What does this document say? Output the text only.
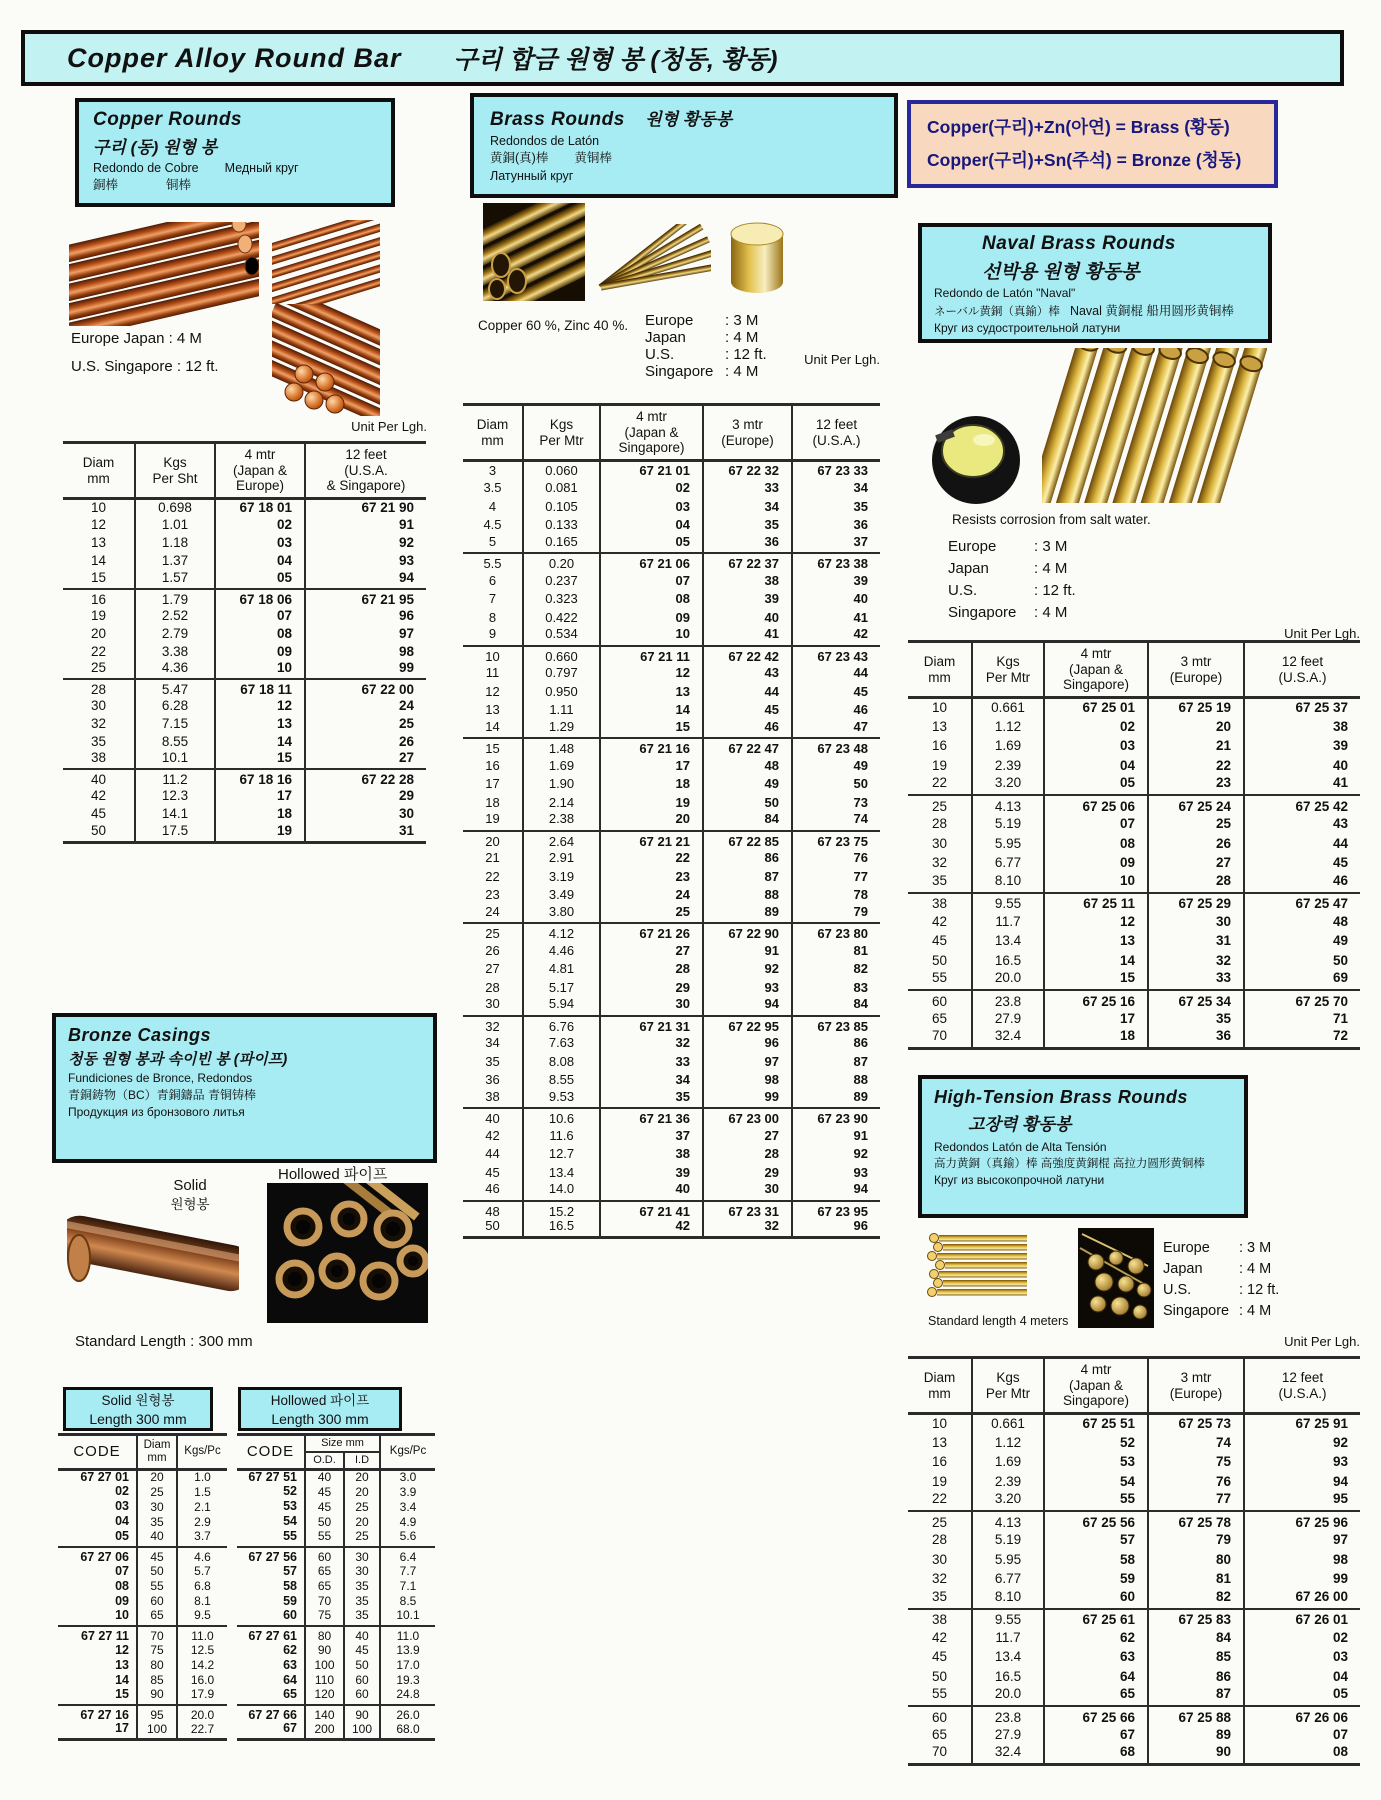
Copper Alloy Round Bar 구리 합금 원형 봉 (청동, 황동)
Copper Rounds
구리 (동) 원형 봉
Redondo de Cobre Медный круг
銅棒	铜棒
Europe Japan : 4 M
U.S. Singapore : 12 ft.
Unit Per Lgh.
Diam
mm	Kgs
Per Sht	4 mtr
(Japan &
Europe)	12 feet
(U.S.A.
& Singapore)
10	0.698	67 18 01	67 21 90
12	1.01	02	91
13	1.18	03	92
14	1.37	04	93
15	1.57	05	94
16	1.79	67 18 06	67 21 95
19	2.52	07	96
20	2.79	08	97
22	3.38	09	98
25	4.36	10	99
28	5.47	67 18 11	67 22 00
30	6.28	12	24
32	7.15	13	25
35	8.55	14	26
38	10.1	15	27
40	11.2	67 18 16	67 22 28
42	12.3	17	29
45	14.1	18	30
50	17.5	19	31
Bronze Casings
청동 원형 봉과 속이빈 봉 (파이프)
Fundiciones de Bronce, Redondos
青銅鋳物（BC）青銅鑄品 青铜铸棒
Продукция из бронзового литья
Hollowed 파이프
Solid
원형봉
Standard Length : 300 mm
Solid 원형봉
Length 300 mm
Hollowed 파이프
Length 300 mm
CODE	Diam
mm	Kgs/Pc
67 27 01	20	1.0
02	25	1.5
03	30	2.1
04	35	2.9
05	40	3.7
67 27 06	45	4.6
07	50	5.7
08	55	6.8
09	60	8.1
10	65	9.5
67 27 11	70	11.0
12	75	12.5
13	80	14.2
14	85	16.0
15	90	17.9
67 27 16	95	20.0
17	100	22.7
CODE	Size mm		Kgs/Pc
	O.D.	I.D	
67 27 51	40	20	3.0
52	45	20	3.9
53	45	25	3.4
54	50	20	4.9
55	55	25	5.6
67 27 56	60	30	6.4
57	65	30	7.7
58	65	35	7.1
59	70	35	8.5
60	75	35	10.1
67 27 61	80	40	11.0
62	90	45	13.9
63	100	50	17.0
64	110	60	19.3
65	120	60	24.8
67 27 66	140	90	26.0
67	200	100	68.0
Brass Rounds 원형 황동봉
Redondos de Latón
黄銅(真)棒 黄铜棒
Латунный круг
Copper 60 %, Zinc 40 %. Europe : 3 M
Japan	: 4 M
U.S.	: 12 ft.
Singapore : 4 M
Unit Per Lgh.
Diam
mm	Kgs
Per Mtr	4 mtr
(Japan &
Singapore)	3 mtr
(Europe)	12 feet
(U.S.A.)
3	0.060	67 21 01	67 22 32	67 23 33
3.5	0.081	02	33	34
4	0.105	03	34	35
4.5	0.133	04	35	36
5	0.165	05	36	37
5.5	0.20	67 21 06	67 22 37	67 23 38
6	0.237	07	38	39
7	0.323	08	39	40
8	0.422	09	40	41
9	0.534	10	41	42
10	0.660	67 21 11	67 22 42	67 23 43
11	0.797	12	43	44
12	0.950	13	44	45
13	1.11	14	45	46
14	1.29	15	46	47
15	1.48	67 21 16	67 22 47	67 23 48
16	1.69	17	48	49
17	1.90	18	49	50
18	2.14	19	50	73
19	2.38	20	84	74
20	2.64	67 21 21	67 22 85	67 23 75
21	2.91	22	86	76
22	3.19	23	87	77
23	3.49	24	88	78
24	3.80	25	89	79
25	4.12	67 21 26	67 22 90	67 23 80
26	4.46	27	91	81
27	4.81	28	92	82
28	5.17	29	93	83
30	5.94	30	94	84
32	6.76	67 21 31	67 22 95	67 23 85
34	7.63	32	96	86
35	8.08	33	97	87
36	8.55	34	98	88
38	9.53	35	99	89
40	10.6	67 21 36	67 23 00	67 23 90
42	11.6	37	27	91
44	12.7	38	28	92
45	13.4	39	29	93
46	14.0	40	30	94
48	15.2	67 21 41	67 23 31	67 23 95
50	16.5	42	32	96
Copper(구리)+Zn(아연) = Brass (황동)
Copper(구리)+Sn(주석) = Bronze (청동)
Naval Brass Rounds
선박용 원형 황동봉
Redondo de Latón "Naval"
ネーバル黄銅（真鍮）棒 Naval 黄銅棍 船用圆形黄铜棒
Круг из судостроительной латуни
Resists corrosion from salt water.
Europe	: 3 M
Japan	: 4 M
U.S.	: 12 ft.
Singapore : 4 M
Unit Per Lgh.
Diam
mm	Kgs
Per Mtr	4 mtr
(Japan &
Singapore)	3 mtr
(Europe)	12 feet
(U.S.A.)
10	0.661	67 25 01	67 25 19	67 25 37
13	1.12	02	20	38
16	1.69	03	21	39
19	2.39	04	22	40
22	3.20	05	23	41
25	4.13	67 25 06	67 25 24	67 25 42
28	5.19	07	25	43
30	5.95	08	26	44
32	6.77	09	27	45
35	8.10	10	28	46
38	9.55	67 25 11	67 25 29	67 25 47
42	11.7	12	30	48
45	13.4	13	31	49
50	16.5	14	32	50
55	20.0	15	33	69
60	23.8	67 25 16	67 25 34	67 25 70
65	27.9	17	35	71
70	32.4	18	36	72
High-Tension Brass Rounds
고장력 황동봉
Redondos Latón de Alta Tensión
高力黄銅（真鍮）棒 高強度黄銅棍 高拉力圆形黄铜棒
Круг из высокопрочной латуни
Standard length 4 meters
Europe : 3 M
Japan	: 4 M
U.S.	: 12 ft.
Singapore : 4 M
Unit Per Lgh.
Diam
mm	Kgs
Per Mtr	4 mtr
(Japan &
Singapore)	3 mtr
(Europe)	12 feet
(U.S.A.)
10	0.661	67 25 51	67 25 73	67 25 91
13	1.12	52	74	92
16	1.69	53	75	93
19	2.39	54	76	94
22	3.20	55	77	95
25	4.13	67 25 56	67 25 78	67 25 96
28	5.19	57	79	97
30	5.95	58	80	98
32	6.77	59	81	99
35	8.10	60	82	67 26 00
38	9.55	67 25 61	67 25 83	67 26 01
42	11.7	62	84	02
45	13.4	63	85	03
50	16.5	64	86	04
55	20.0	65	87	05
60	23.8	67 25 66	67 25 88	67 26 06
65	27.9	67	89	07
70	32.4	68	90	08
